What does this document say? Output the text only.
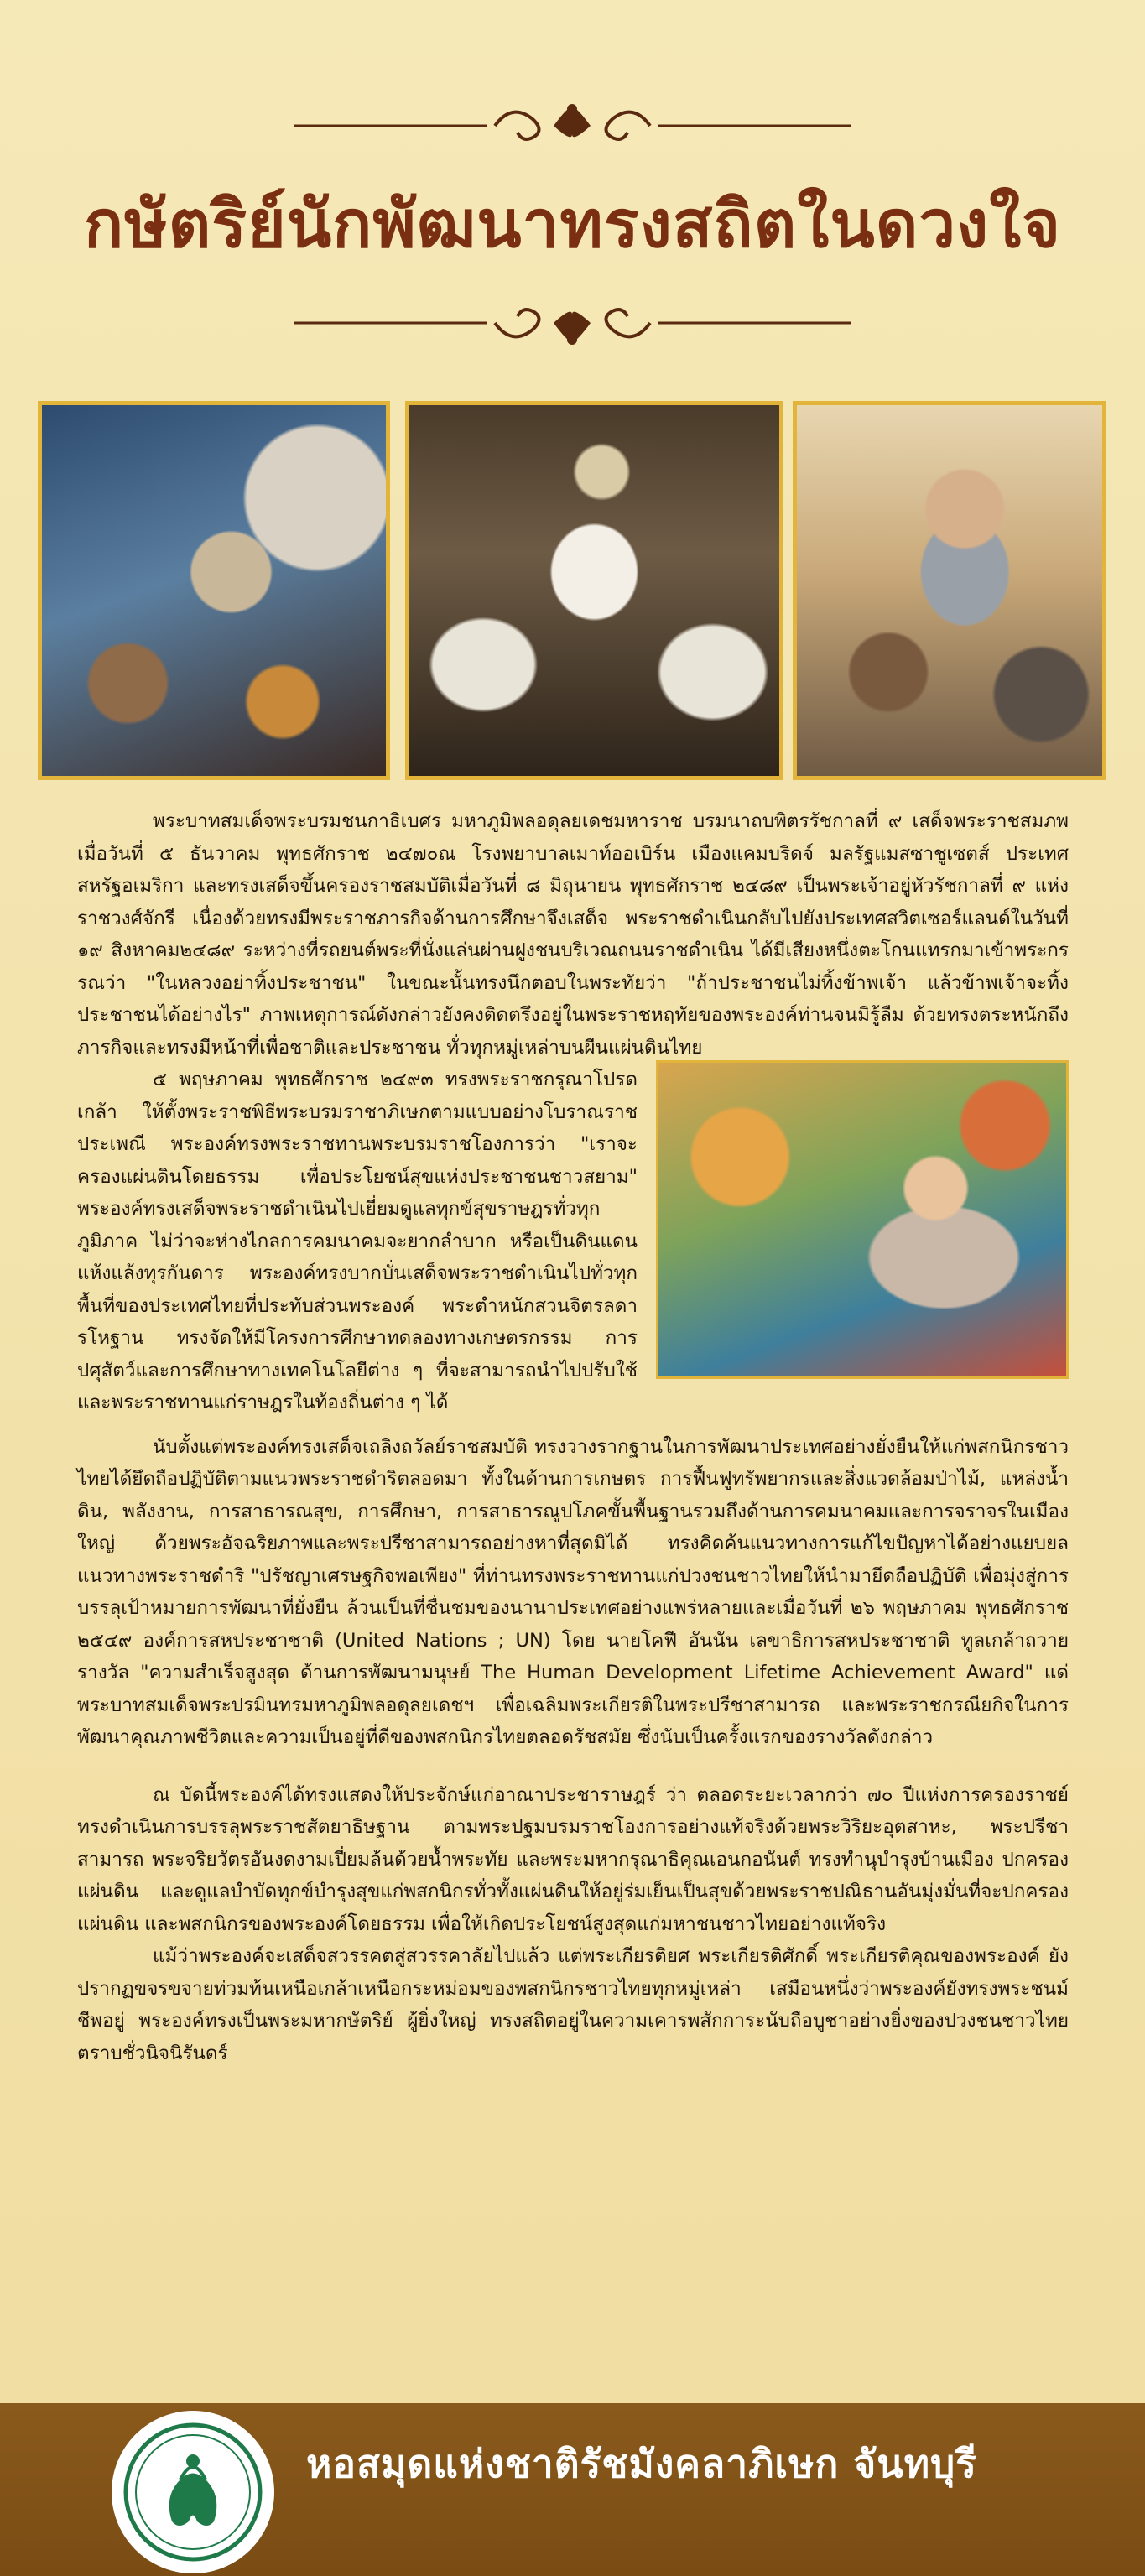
กษัตริย์นักพัฒนาทรงสถิตในดวงใจ

พระบาทสมเด็จพระบรมชนกาธิเบศร มหาภูมิพลอดุลยเดชมหาราช บรมนาถบพิตรรัชกาลที่ ๙ เสด็จพระราชสมภพ เมื่อวันที่ ๕ ธันวาคม พุทธศักราช ๒๔๗๐ณ โรงพยาบาลเมาท์ออเบิร์น เมืองแคมบริดจ์ มลรัฐแมสซาชูเซตส์ ประเทศสหรัฐอเมริกา และทรงเสด็จขึ้นครองราชสมบัติเมื่อวันที่ ๘ มิถุนายน พุทธศักราช ๒๔๘๙ เป็นพระเจ้าอยู่หัวรัชกาลที่ ๙ แห่งราชวงศ์จักรี เนื่องด้วยทรงมีพระราชภารกิจด้านการศึกษาจึงเสด็จ พระราชดำเนินกลับไปยังประเทศสวิตเซอร์แลนด์ในวันที่ ๑๙ สิงหาคม๒๔๘๙ ระหว่างที่รถยนต์พระที่นั่งแล่นผ่านฝูงชนบริเวณถนนราชดำเนิน ได้มีเสียงหนึ่งตะโกนแทรกมาเข้าพระกรรณว่า "ในหลวงอย่าทิ้งประชาชน" ในขณะนั้นทรงนึกตอบในพระทัยว่า "ถ้าประชาชนไม่ทิ้งข้าพเจ้า แล้วข้าพเจ้าจะทิ้งประชาชนได้อย่างไร" ภาพเหตุการณ์ดังกล่าวยังคงติดตรึงอยู่ในพระราชหฤทัยของพระองค์ท่านจนมิรู้ลืม ด้วยทรงตระหนักถึงภารกิจและทรงมีหน้าที่เพื่อชาติและประชาชน ทั่วทุกหมู่เหล่าบนผืนแผ่นดินไทย

๕ พฤษภาคม พุทธศักราช ๒๔๙๓ ทรงพระราชกรุณาโปรดเกล้า ให้ตั้งพระราชพิธีพระบรมราชาภิเษกตามแบบอย่างโบราณราชประเพณี พระองค์ทรงพระราชทานพระบรมราชโองการว่า "เราจะครองแผ่นดินโดยธรรม เพื่อประโยชน์สุขแห่งประชาชนชาวสยาม" พระองค์ทรงเสด็จพระราชดำเนินไปเยี่ยมดูแลทุกข์สุขราษฎรทั่วทุกภูมิภาค ไม่ว่าจะห่างไกลการคมนาคมจะยากลำบาก หรือเป็นดินแดนแห้งแล้งทุรกันดาร พระองค์ทรงบากบั่นเสด็จพระราชดำเนินไปทั่วทุกพื้นที่ของประเทศไทยที่ประทับส่วนพระองค์ พระตำหนักสวนจิตรลดารโหฐาน ทรงจัดให้มีโครงการศึกษาทดลองทางเกษตรกรรม การปศุสัตว์และการศึกษาทางเทคโนโลยีต่าง ๆ ที่จะสามารถนำไปปรับใช้ และพระราชทานแก่ราษฎรในท้องถิ่นต่าง ๆ ได้

นับตั้งแต่พระองค์ทรงเสด็จเถลิงถวัลย์ราชสมบัติ ทรงวางรากฐานในการพัฒนาประเทศอย่างยั่งยืนให้แก่พสกนิกรชาวไทยได้ยึดถือปฏิบัติตามแนวพระราชดำริตลอดมา ทั้งในด้านการเกษตร การฟื้นฟูทรัพยากรและสิ่งแวดล้อมป่าไม้, แหล่งน้ำ ดิน, พลังงาน, การสาธารณสุข, การศึกษา, การสาธารณูปโภคขั้นพื้นฐานรวมถึงด้านการคมนาคมและการจราจรในเมืองใหญ่ ด้วยพระอัจฉริยภาพและพระปรีชาสามารถอย่างหาที่สุดมิได้ ทรงคิดค้นแนวทางการแก้ไขปัญหาได้อย่างแยบยล แนวทางพระราชดำริ "ปรัชญาเศรษฐกิจพอเพียง" ที่ท่านทรงพระราชทานแก่ปวงชนชาวไทยให้นำมายึดถือปฏิบัติ เพื่อมุ่งสู่การบรรลุเป้าหมายการพัฒนาที่ยั่งยืน ล้วนเป็นที่ชื่นชมของนานาประเทศอย่างแพร่หลายและเมื่อวันที่ ๒๖ พฤษภาคม พุทธศักราช ๒๕๔๙ องค์การสหประชาชาติ (United Nations ; UN) โดย นายโคฟี อันนัน เลขาธิการสหประชาชาติ ทูลเกล้าถวายรางวัล "ความสำเร็จสูงสุด ด้านการพัฒนามนุษย์ The Human Development Lifetime Achievement Award" แด่พระบาทสมเด็จพระปรมินทรมหาภูมิพลอดุลยเดชฯ เพื่อเฉลิมพระเกียรติในพระปรีชาสามารถ และพระราชกรณียกิจในการพัฒนาคุณภาพชีวิตและความเป็นอยู่ที่ดีของพสกนิกรไทยตลอดรัชสมัย ซึ่งนับเป็นครั้งแรกของรางวัลดังกล่าว

ณ บัดนี้พระองค์ได้ทรงแสดงให้ประจักษ์แก่อาณาประชาราษฎร์ ว่า ตลอดระยะเวลากว่า ๗๐ ปีแห่งการครองราชย์ ทรงดำเนินการบรรลุพระราชสัตยาธิษฐาน ตามพระปฐมบรมราชโองการอย่างแท้จริงด้วยพระวิริยะอุตสาหะ, พระปรีชาสามารถ พระจริยวัตรอันงดงามเปี่ยมล้นด้วยน้ำพระทัย และพระมหากรุณาธิคุณเอนกอนันต์ ทรงทำนุบำรุงบ้านเมือง ปกครองแผ่นดิน และดูแลบำบัดทุกข์บำรุงสุขแก่พสกนิกรทั่วทั้งแผ่นดินให้อยู่ร่มเย็นเป็นสุขด้วยพระราชปณิธานอันมุ่งมั่นที่จะปกครองแผ่นดิน และพสกนิกรของพระองค์โดยธรรม เพื่อให้เกิดประโยชน์สูงสุดแก่มหาชนชาวไทยอย่างแท้จริง

แม้ว่าพระองค์จะเสด็จสวรรคตสู่สวรรคาลัยไปแล้ว แต่พระเกียรติยศ พระเกียรติศักดิ์ พระเกียรติคุณของพระองค์ ยังปรากฏขจรขจายท่วมท้นเหนือเกล้าเหนือกระหม่อมของพสกนิกรชาวไทยทุกหมู่เหล่า เสมือนหนึ่งว่าพระองค์ยังทรงพระชนม์ชีพอยู่ พระองค์ทรงเป็นพระมหากษัตริย์ ผู้ยิ่งใหญ่ ทรงสถิตอยู่ในความเคารพสักการะนับถือบูชาอย่างยิ่งของปวงชนชาวไทย ตราบชั่วนิจนิรันดร์

หอสมุดแห่งชาติรัชมังคลาภิเษก จันทบุรี
